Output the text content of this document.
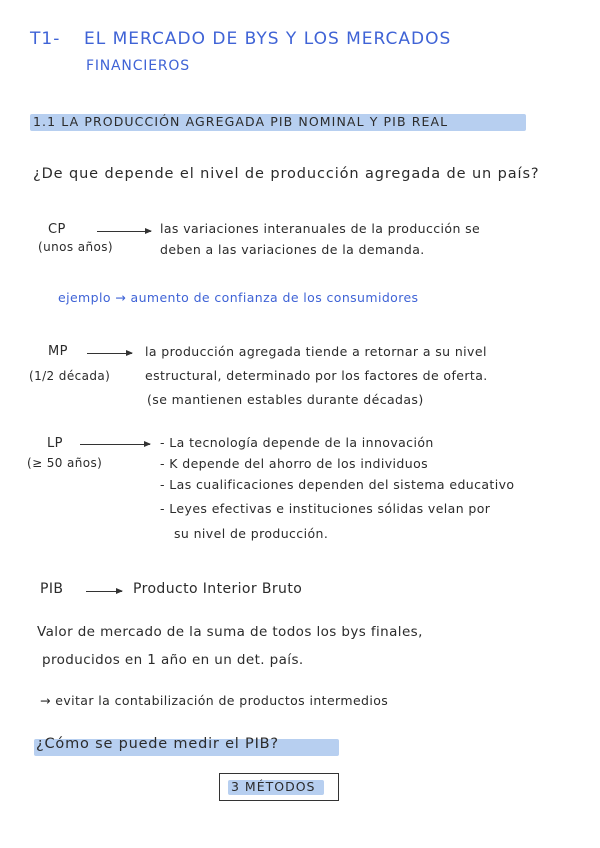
T1- EL MERCADO DE BYS Y LOS MERCADOS
FINANCIEROS
1.1 LA PRODUCCIÓN AGREGADA PIB NOMINAL Y PIB REAL
¿De que depende el nivel de producción agregada de un país?
CP
(unos años)
las variaciones interanuales de la producción se
deben a las variaciones de la demanda.
ejemplo → aumento de confianza de los consumidores
MP
(1/2 década)
la producción agregada tiende a retornar a su nivel
estructural, determinado por los factores de oferta.
(se mantienen estables durante décadas)
LP
(≥ 50 años)
- La tecnología depende de la innovación
- K depende del ahorro de los individuos
- Las cualificaciones dependen del sistema educativo
- Leyes efectivas e instituciones sólidas velan por
su nivel de producción.
PIB	Producto Interior Bruto
Valor de mercado de la suma de todos los bys finales,
producidos en 1 año en un det. país.
→ evitar la contabilización de productos intermedios
¿Cómo se puede medir el PIB?
3 MÉTODOS
